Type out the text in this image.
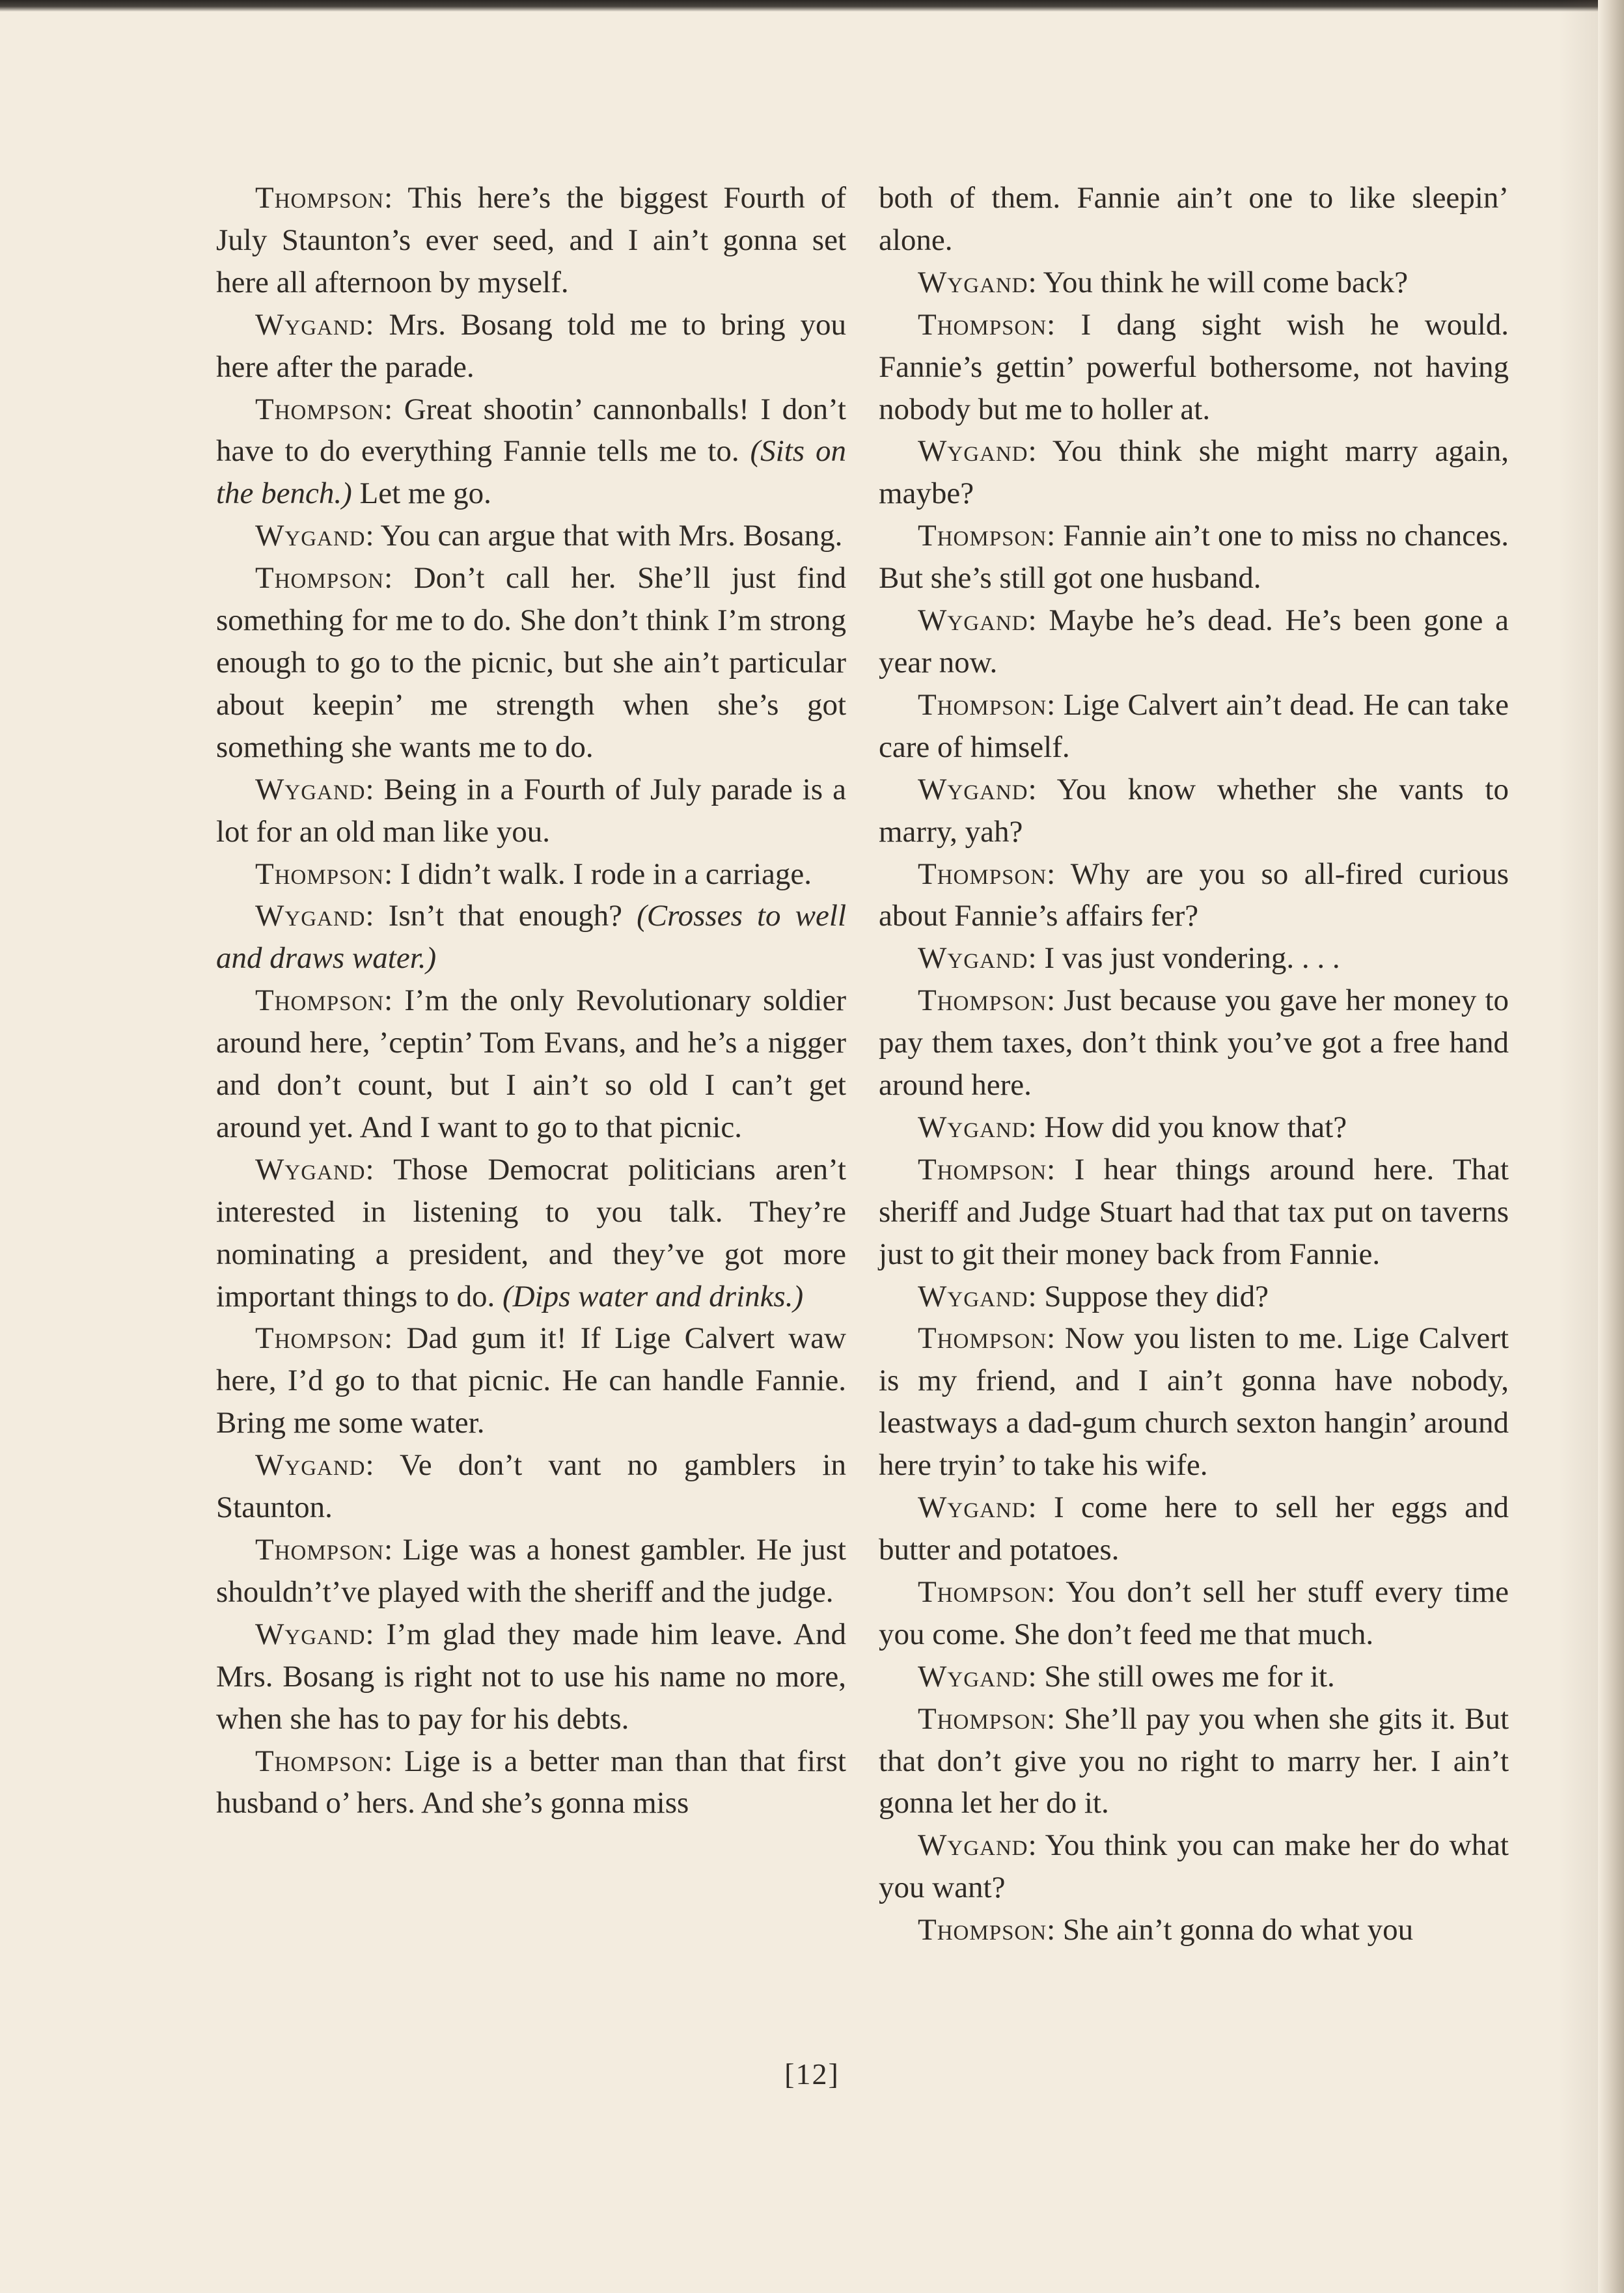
Thompson: This here’s the biggest Fourth of July Staunton’s ever seed, and I ain’t gonna set here all afternoon by myself.

Wygand: Mrs. Bosang told me to bring you here after the parade.

Thompson: Great shootin’ cannonballs! I don’t have to do everything Fannie tells me to. (Sits on the bench.) Let me go.

Wygand: You can argue that with Mrs. Bosang.

Thompson: Don’t call her. She’ll just find something for me to do. She don’t think I’m strong enough to go to the picnic, but she ain’t particular about keepin’ me strength when she’s got something she wants me to do.

Wygand: Being in a Fourth of July parade is a lot for an old man like you.

Thompson: I didn’t walk. I rode in a carriage.

Wygand: Isn’t that enough? (Crosses to well and draws water.)

Thompson: I’m the only Revolutionary soldier around here, ’ceptin’ Tom Evans, and he’s a nigger and don’t count, but I ain’t so old I can’t get around yet. And I want to go to that picnic.

Wygand: Those Democrat politicians aren’t interested in listening to you talk. They’re nominating a president, and they’ve got more important things to do. (Dips water and drinks.)

Thompson: Dad gum it! If Lige Calvert waw here, I’d go to that picnic. He can handle Fannie. Bring me some water.

Wygand: Ve don’t vant no gamblers in Staunton.

Thompson: Lige was a honest gambler. He just shouldn’t’ve played with the sheriff and the judge.

Wygand: I’m glad they made him leave. And Mrs. Bosang is right not to use his name no more, when she has to pay for his debts.

Thompson: Lige is a better man than that first husband o’ hers. And she’s gonna miss

both of them. Fannie ain’t one to like sleepin’ alone.

Wygand: You think he will come back?

Thompson: I dang sight wish he would. Fannie’s gettin’ powerful bothersome, not having nobody but me to holler at.

Wygand: You think she might marry again, maybe?

Thompson: Fannie ain’t one to miss no chances. But she’s still got one husband.

Wygand: Maybe he’s dead. He’s been gone a year now.

Thompson: Lige Calvert ain’t dead. He can take care of himself.

Wygand: You know whether she vants to marry, yah?

Thompson: Why are you so all-fired curious about Fannie’s affairs fer?

Wygand: I vas just vondering. . . .

Thompson: Just because you gave her money to pay them taxes, don’t think you’ve got a free hand around here.

Wygand: How did you know that?

Thompson: I hear things around here. That sheriff and Judge Stuart had that tax put on taverns just to git their money back from Fannie.

Wygand: Suppose they did?

Thompson: Now you listen to me. Lige Calvert is my friend, and I ain’t gonna have nobody, leastways a dad-gum church sexton hangin’ around here tryin’ to take his wife.

Wygand: I come here to sell her eggs and butter and potatoes.

Thompson: You don’t sell her stuff every time you come. She don’t feed me that much.

Wygand: She still owes me for it.

Thompson: She’ll pay you when she gits it. But that don’t give you no right to marry her. I ain’t gonna let her do it.

Wygand: You think you can make her do what you want?

Thompson: She ain’t gonna do what you

[12]
